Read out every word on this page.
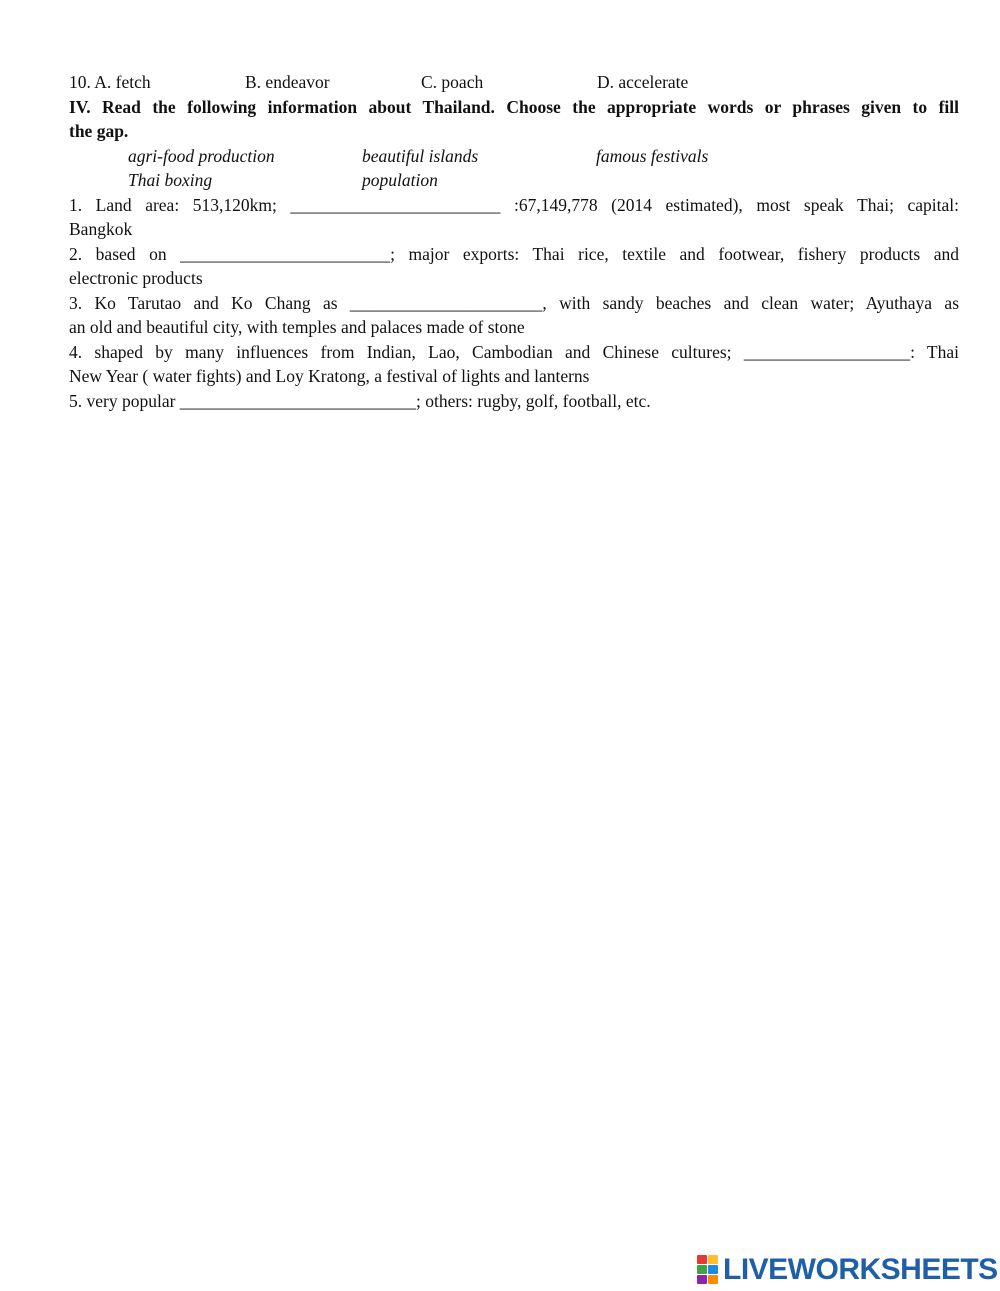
10. A. fetch	B. endeavor	C. poach	D. accelerate
IV. Read the following information about Thailand. Choose the appropriate words or phrases given to fill
the gap.
agri-food production	beautiful islands	famous festivals
Thai boxing	population
1. Land area: 513,120km; ________________________ :67,149,778 (2014 estimated), most speak Thai; capital:
Bangkok
2. based on ________________________; major exports: Thai rice, textile and footwear, fishery products and
electronic products
3. Ko Tarutao and Ko Chang as ______________________, with sandy beaches and clean water; Ayuthaya as
an old and beautiful city, with temples and palaces made of stone
4. shaped by many influences from Indian, Lao, Cambodian and Chinese cultures; ___________________: Thai
New Year ( water fights) and Loy Kratong, a festival of lights and lanterns
5. very popular ___________________________; others: rugby, golf, football, etc.
LIVEWORKSHEETS
